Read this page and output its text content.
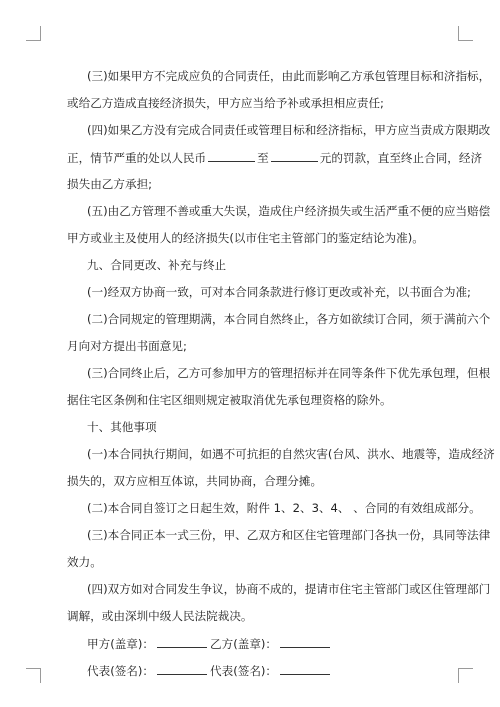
(三)如果甲方不完成应负的合同责任，由此而影响乙方承包管理目标和济指标，
或给乙方造成直接经济损失，甲方应当给予补或承担相应责任;
(四)如果乙方没有完成合同责任或管理目标和经济指标，甲方应当责成方限期改
正，情节严重的处以人民币	至	元的罚款，直至终止合同，经济
损失由乙方承担;
(五)由乙方管理不善或重大失误，造成住户经济损失或生活严重不便的应当赔偿
甲方或业主及使用人的经济损失(以市住宅主管部门的鉴定结论为准)。
九、合同更改、补充与终止
(一)经双方协商一致，可对本合同条款进行修订更改或补充，以书面合为准;
(二)合同规定的管理期满，本合同自然终止，各方如欲续订合同，须于满前六个
月向对方提出书面意见;
(三)合同终止后，乙方可参加甲方的管理招标并在同等条件下优先承包理，但根
据住宅区条例和住宅区细则规定被取消优先承包理资格的除外。
十、其他事项
(一)本合同执行期间，如遇不可抗拒的自然灾害(台风、洪水、地震等，造成经济
损失的，双方应相互体谅，共同协商，合理分摊。
(二)本合同自签订之日起生效，附件 1、2、3、4、 、合同的有效组成部分。
(三)本合同正本一式三份，甲、乙双方和区住宅管理部门各执一份，具同等法律
效力。
(四)双方如对合同发生争议，协商不成的，提请市住宅主管部门或区住管理部门
调解，或由深圳中级人民法院裁决。
甲方(盖章)：	乙方(盖章)：
代表(签名)：	代表(签名)：
